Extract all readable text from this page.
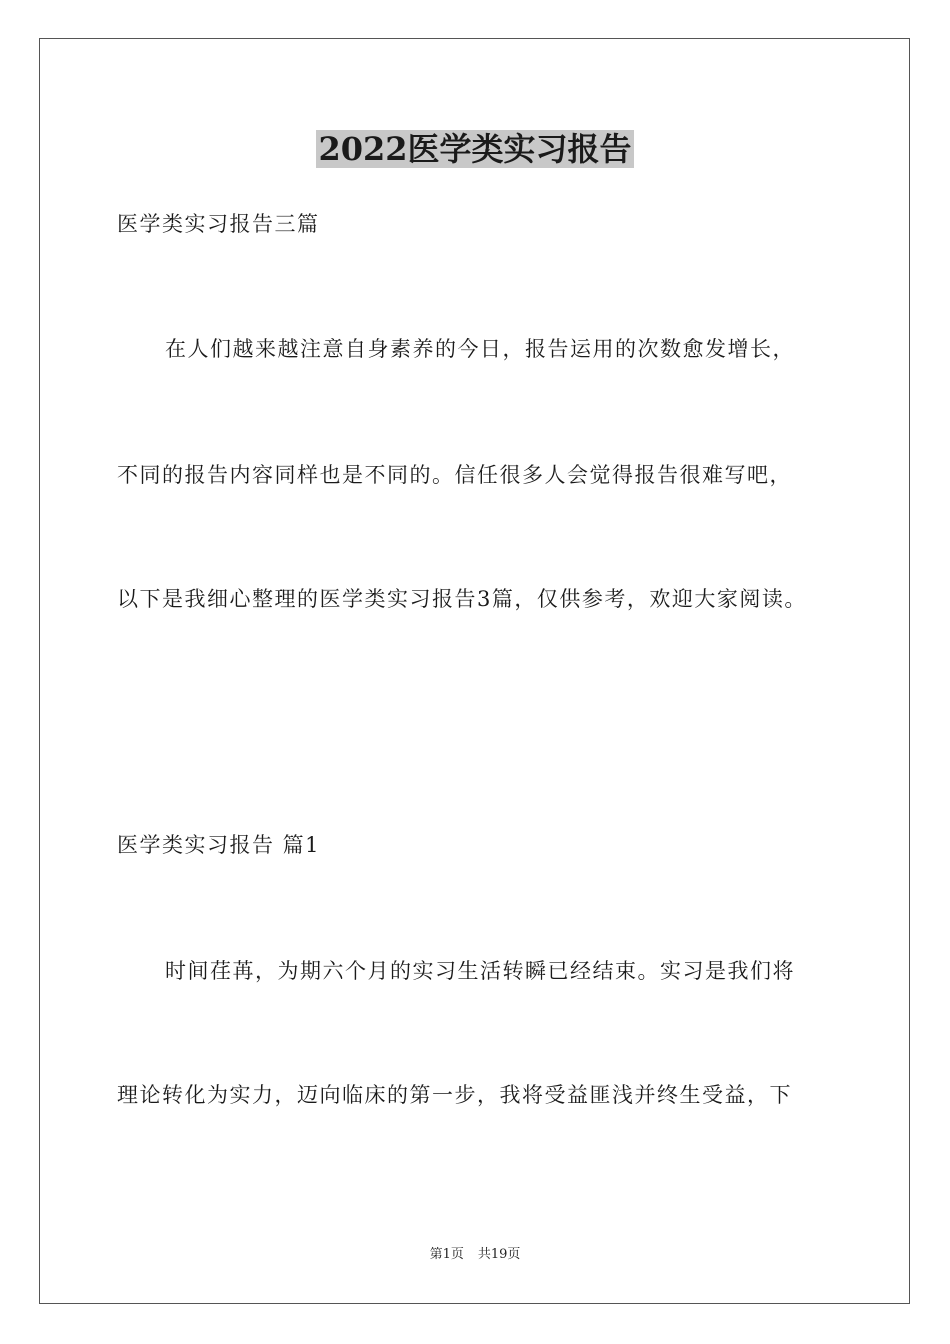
2022医学类实习报告
医学类实习报告三篇
在人们越来越注意自身素养的今日，报告运用的次数愈发增长，
不同的报告内容同样也是不同的。信任很多人会觉得报告很难写吧，
以下是我细心整理的医学类实习报告3篇，仅供参考，欢迎大家阅读。
医学类实习报告 篇1
时间荏苒，为期六个月的实习生活转瞬已经结束。实习是我们将
理论转化为实力，迈向临床的第一步，我将受益匪浅并终生受益，下
第1页 共19页
